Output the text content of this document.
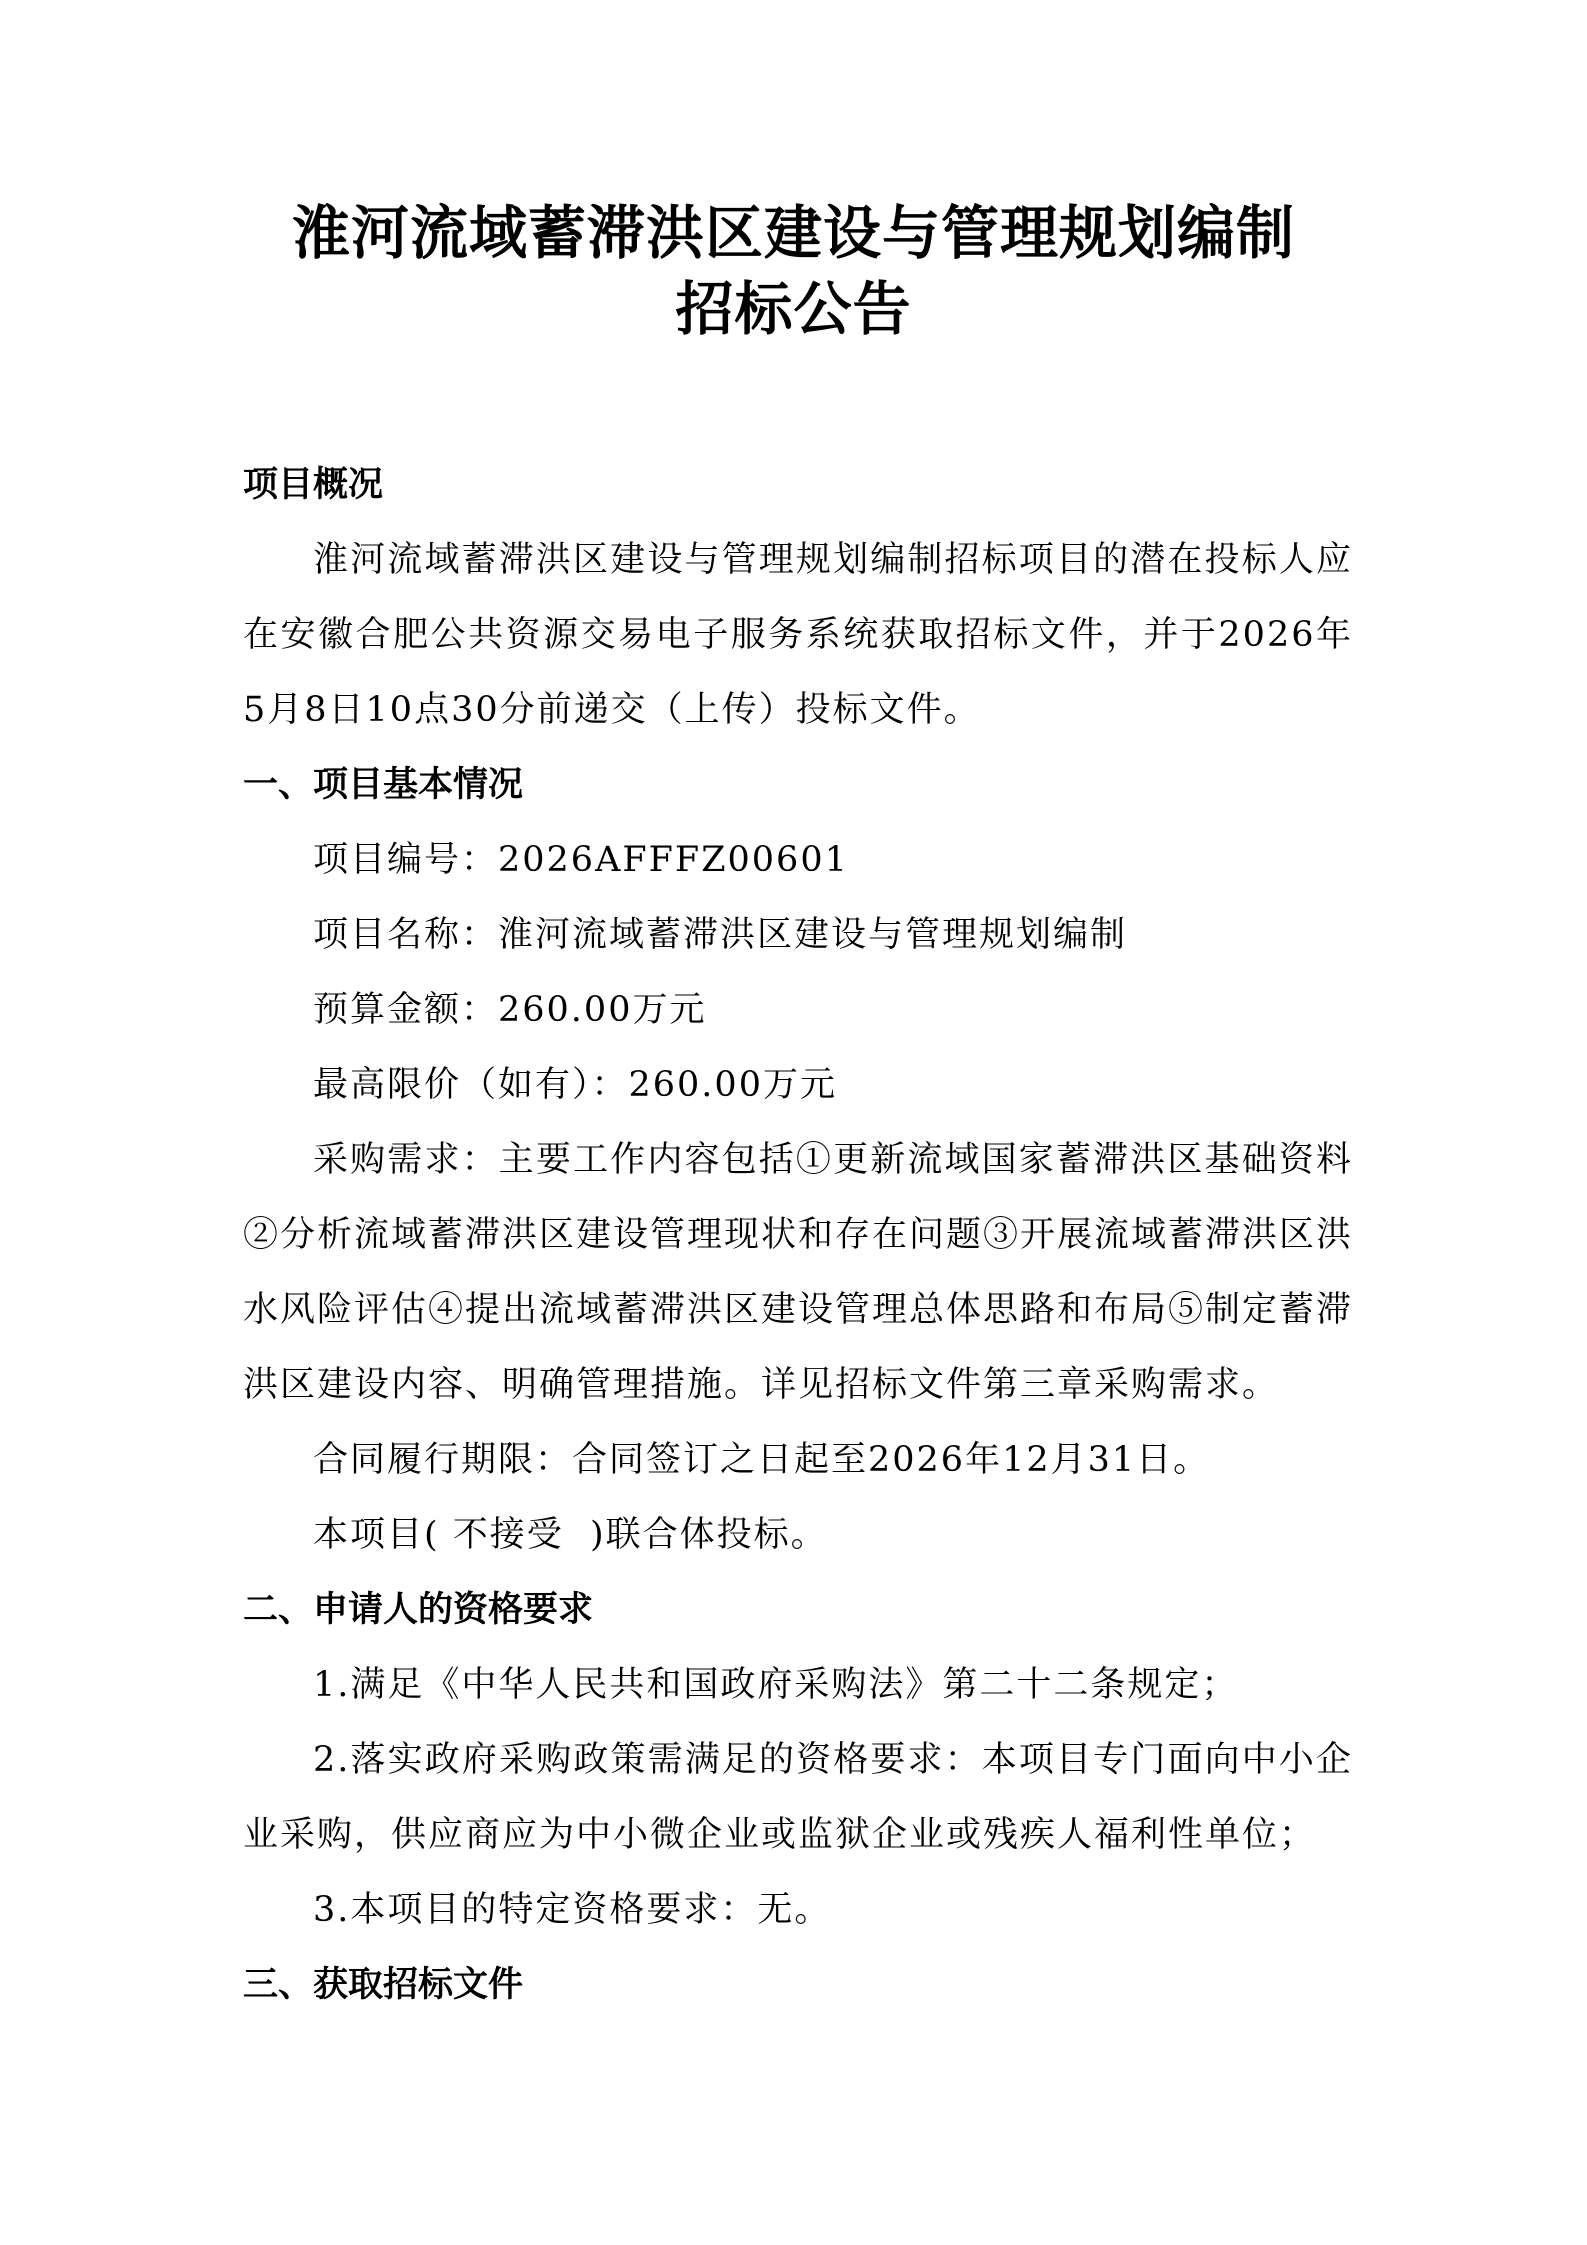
淮河流域蓄滞洪区建设与管理规划编制
招标公告

项目概况

淮河流域蓄滞洪区建设与管理规划编制招标项目的潜在投标人应在安徽合肥公共资源交易电子服务系统获取招标文件，并于2026年5月8日10点30分前递交（上传）投标文件。

一、项目基本情况

项目编号：2026AFFFZ00601

项目名称：淮河流域蓄滞洪区建设与管理规划编制

预算金额：260.00万元

最高限价（如有）：260.00万元

采购需求：主要工作内容包括①更新流域国家蓄滞洪区基础资料②分析流域蓄滞洪区建设管理现状和存在问题③开展流域蓄滞洪区洪水风险评估④提出流域蓄滞洪区建设管理总体思路和布局⑤制定蓄滞洪区建设内容、明确管理措施。详见招标文件第三章采购需求。

合同履行期限：合同签订之日起至2026年12月31日。

本项目( 不接受  )联合体投标。

二、申请人的资格要求

1.满足《中华人民共和国政府采购法》第二十二条规定；

2.落实政府采购政策需满足的资格要求：本项目专门面向中小企业采购，供应商应为中小微企业或监狱企业或残疾人福利性单位；

3.本项目的特定资格要求：无。

三、获取招标文件
